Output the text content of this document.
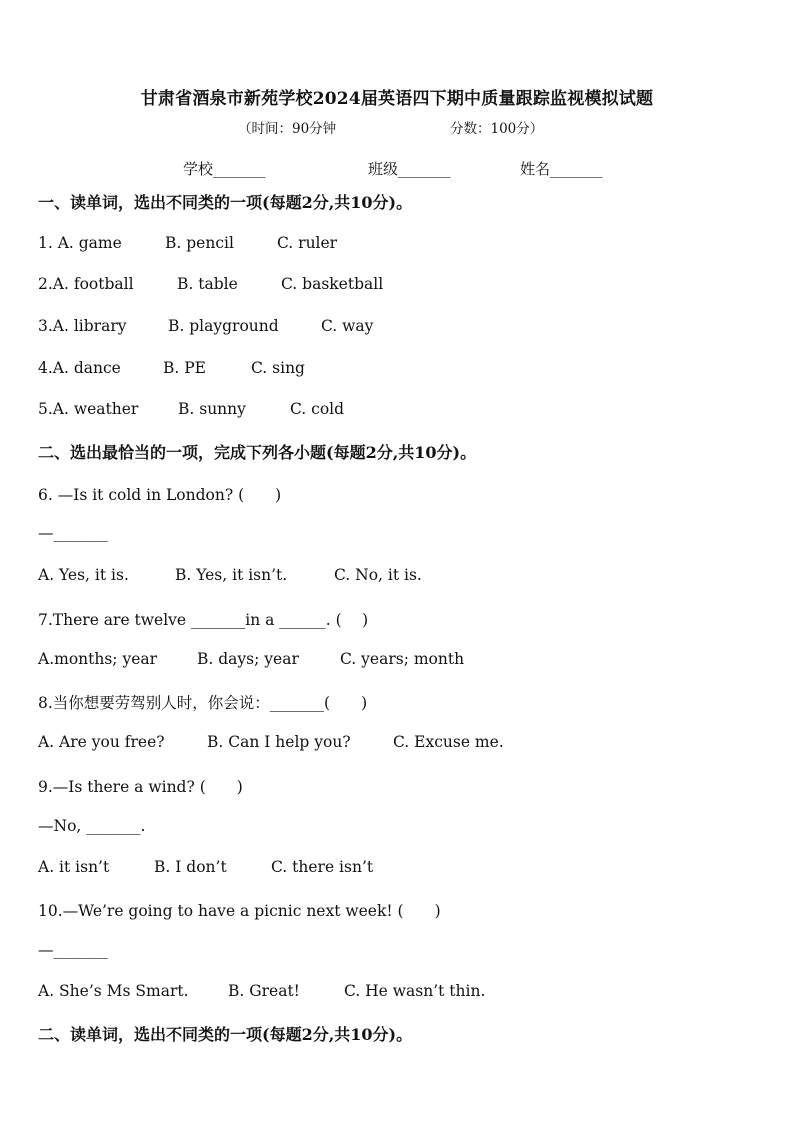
甘肃省酒泉市新苑学校2024届英语四下期中质量跟踪监视模拟试题
（时间：90分钟	分数：100分）
学校_______	班级_______	姓名_______
一、读单词，选出不同类的一项(每题2分,共10分)。
1. A. game	B. pencil	C. ruler
2.A. football	B. table	C. basketball
3.A. library	B. playground	C. way
4.A. dance	B. PE	C. sing
5.A. weather	B. sunny	C. cold
二、选出最恰当的一项，完成下列各小题(每题2分,共10分)。
6. —Is it cold in London? (　　)
—_______
A. Yes, it is.	B. Yes, it isn’t.	C. No, it is.
7.There are twelve _______in a ______. (　 )
A.months; year	B. days; year	C. years; month
8.当你想要劳驾别人时，你会说：_______(　　)
A. Are you free?	B. Can I help you?	C. Excuse me.
9.—Is there a wind? (　　)
—No, _______.
A. it isn’t	B. I don’t	C. there isn’t
10.—We’re going to have a picnic next week! (　　)
—_______
A. She’s Ms Smart.	B. Great!	C. He wasn’t thin.
二、读单词，选出不同类的一项(每题2分,共10分)。
